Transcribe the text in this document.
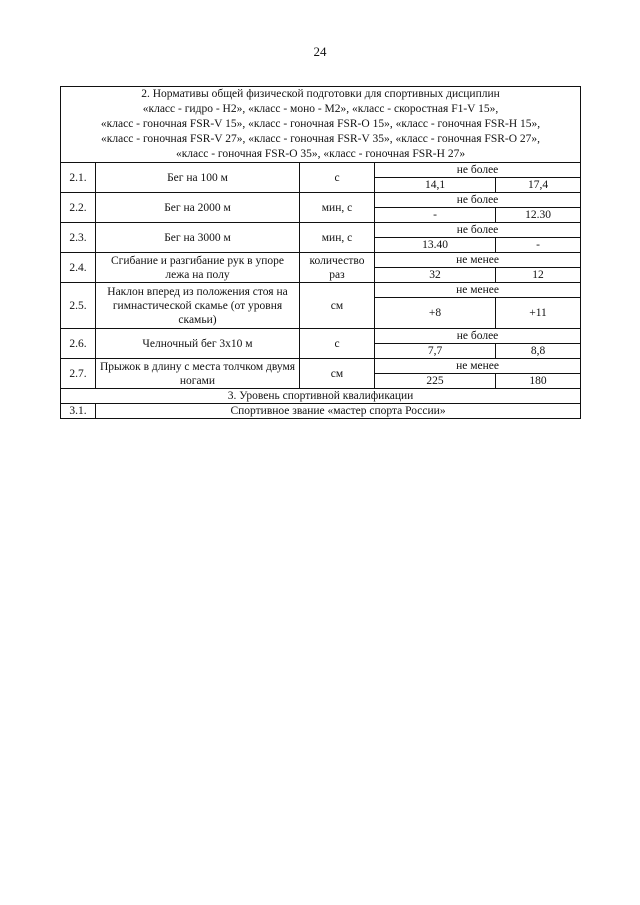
24
2. Нормативы общей физической подготовки для спортивных дисциплин
«класс - гидро - Н2», «класс - моно - М2», «класс - скоростная F1-V 15»,
«класс - гоночная FSR-V 15», «класс - гоночная FSR-O 15», «класс - гоночная FSR-H 15»,
«класс - гоночная FSR-V 27», «класс - гоночная FSR-V 35», «класс - гоночная FSR-O 27»,
«класс - гоночная FSR-O 35», «класс - гоночная FSR-H 27»				

2.1.	Бег на 100 м	с	не более	
			14,1	17,4
2.2.	Бег на 2000 м	мин, с	не более	
			-	12.30
2.3.	Бег на 3000 м	мин, с	не более	
			13.40	-
2.4.	Сгибание и разгибание рук в упоре лежа на полу	количество раз	не менее	
			32	12
2.5.	Наклон вперед из положения стоя на гимнастической скамье (от уровня скамьи)	см	не менее	
			+8	+11
2.6.	Челночный бег 3х10 м	с	не более	
			7,7	8,8
2.7.	Прыжок в длину с места толчком двумя ногами	см	не менее	
			225	180
3. Уровень спортивной квалификации				
3.1.	Спортивное звание «мастер спорта России»			
